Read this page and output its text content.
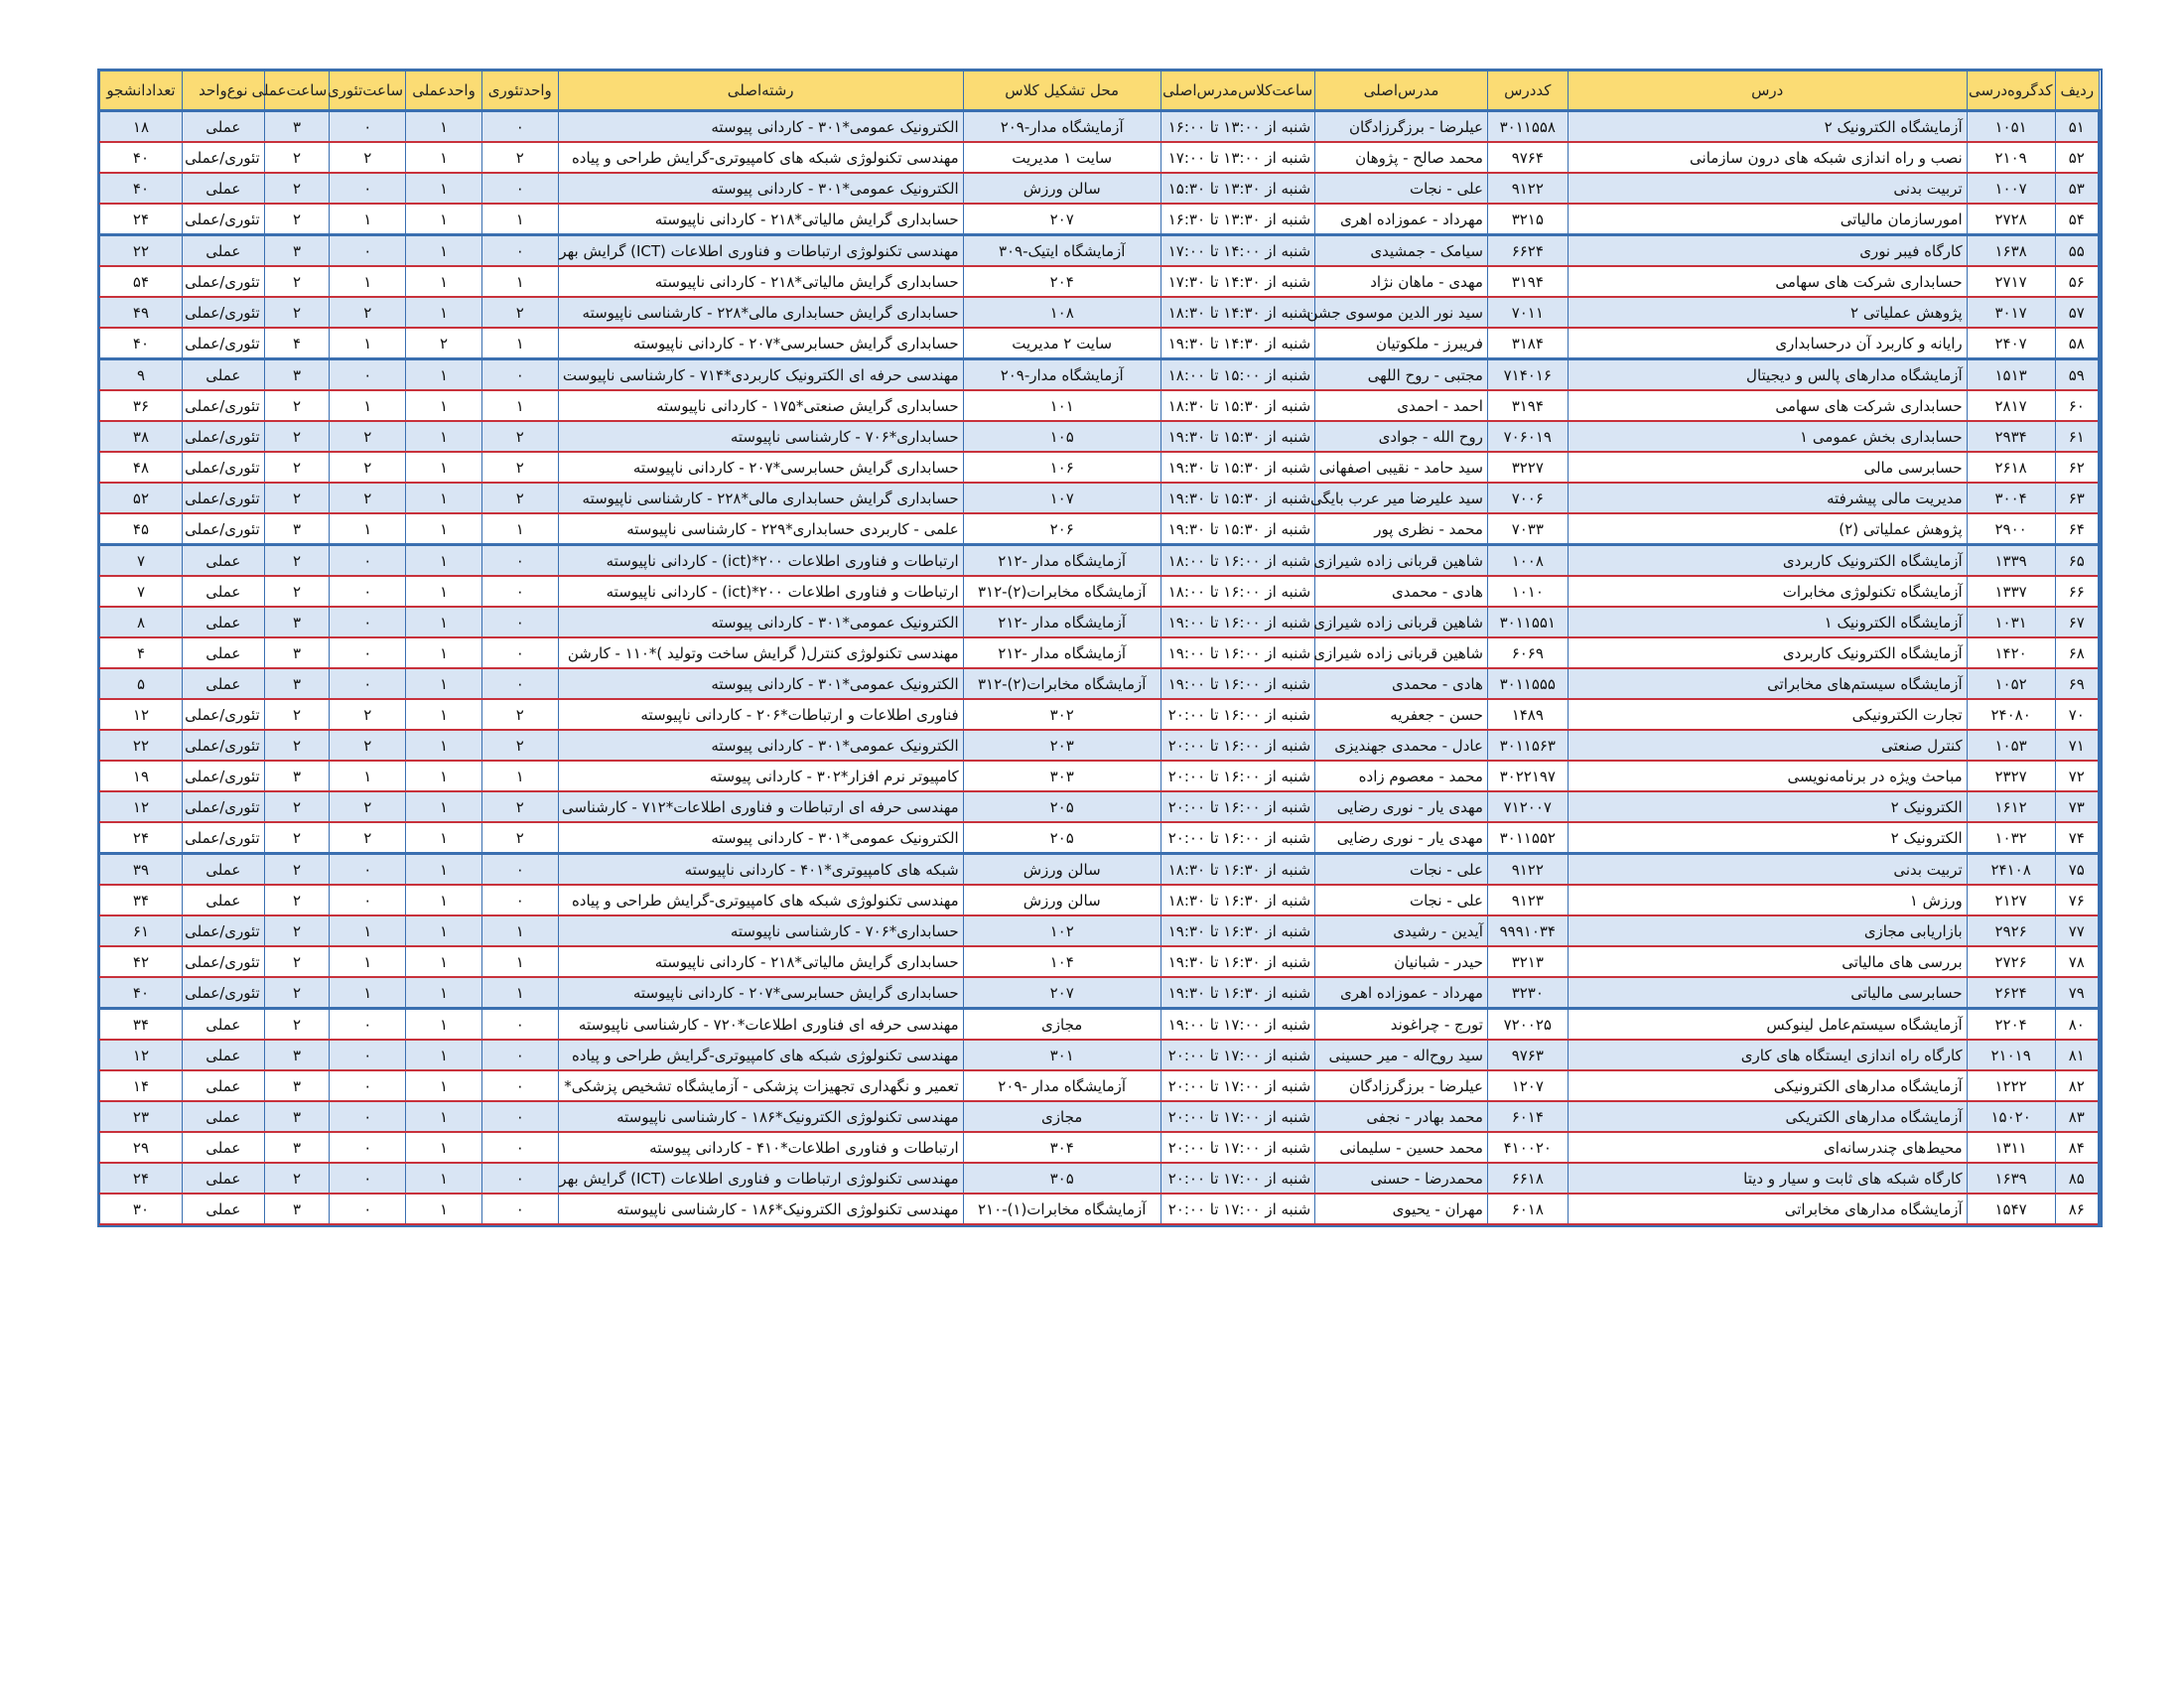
ردیف	کدگروه‌درسی	درس	کددرس	مدرس‌اصلی	ساعت‌کلاس‌مدرس‌اصلی	محل تشکیل کلاس	رشته‌اصلی	واحدتئوری	واحدعملی	ساعت‌تئوری	ساعت‌عملی	نوع‌واحد	تعدادانشجو
۵۱	۱۰۵۱	آزمایشگاه الکترونیک ۲	۳۰۱۱۵۵۸	عیلرضا - برزگرزادگان	شنبه از ۱۳:۰۰ تا ۱۶:۰۰	آزمایشگاه مدار-۲۰۹	الکترونیک عمومی*۳۰۱ - کاردانی پیوسته	۰	۱	۰	۳	عملی	۱۸
۵۲	۲۱۰۹	نصب و راه اندازی شبکه های درون سازمانی	۹۷۶۴	محمد صالح - پژوهان	شنبه از ۱۳:۰۰ تا ۱۷:۰۰	سایت ۱ مدیریت	مهندسی تکنولوژی شبکه های کامپیوتری-گرایش طراحی و پیاده	۲	۱	۲	۲	تئوری/عملی	۴۰
۵۳	۱۰۰۷	تربیت بدنی	۹۱۲۲	علی - نجات	شنبه از ۱۳:۳۰ تا ۱۵:۳۰	سالن ورزش	الکترونیک عمومی*۳۰۱ - کاردانی پیوسته	۰	۱	۰	۲	عملی	۴۰
۵۴	۲۷۲۸	امورسازمان مالیاتی	۳۲۱۵	مهرداد - عموزاده اهری	شنبه از ۱۳:۳۰ تا ۱۶:۳۰	۲۰۷	حسابداری گرایش مالیاتی*۲۱۸ - کاردانی ناپیوسته	۱	۱	۱	۲	تئوری/عملی	۲۴
۵۵	۱۶۳۸	کارگاه فیبر نوری	۶۶۲۴	سیامک - جمشیدی	شنبه از ۱۴:۰۰ تا ۱۷:۰۰	آزمایشگاه ایتیک-۳۰۹	مهندسی تکنولوژی ارتباطات و فناوری اطلاعات (ICT) گرایش بهر	۰	۱	۰	۳	عملی	۲۲
۵۶	۲۷۱۷	حسابداری شرکت های سهامی	۳۱۹۴	مهدی - ماهان نژاد	شنبه از ۱۴:۳۰ تا ۱۷:۳۰	۲۰۴	حسابداری گرایش مالیاتی*۲۱۸ - کاردانی ناپیوسته	۱	۱	۱	۲	تئوری/عملی	۵۴
۵۷	۳۰۱۷	پژوهش عملیاتی ۲	۷۰۱۱	سید نور الدین موسوی جشن	شنبه از ۱۴:۳۰ تا ۱۸:۳۰	۱۰۸	حسابداری گرایش حسابداری مالی*۲۲۸ - کارشناسی ناپیوسته	۲	۱	۲	۲	تئوری/عملی	۴۹
۵۸	۲۴۰۷	رایانه و کاربرد آن درحسابداری	۳۱۸۴	فریبرز - ملکوتیان	شنبه از ۱۴:۳۰ تا ۱۹:۳۰	سایت ۲ مدیریت	حسابداری گرایش حسابرسی*۲۰۷ - کاردانی ناپیوسته	۱	۲	۱	۴	تئوری/عملی	۴۰
۵۹	۱۵۱۳	آزمایشگاه مدارهای پالس و دیجیتال	۷۱۴۰۱۶	مجتبی - روح اللهی	شنبه از ۱۵:۰۰ تا ۱۸:۰۰	آزمایشگاه مدار-۲۰۹	مهندسی حرفه ای الکترونیک کاربردی*۷۱۴ - کارشناسی ناپیوست	۰	۱	۰	۳	عملی	۹
۶۰	۲۸۱۷	حسابداری شرکت های سهامی	۳۱۹۴	احمد - احمدی	شنبه از ۱۵:۳۰ تا ۱۸:۳۰	۱۰۱	حسابداری گرایش صنعتی*۱۷۵ - کاردانی ناپیوسته	۱	۱	۱	۲	تئوری/عملی	۳۶
۶۱	۲۹۳۴	حسابداری بخش عمومی ۱	۷۰۶۰۱۹	روح الله - جوادی	شنبه از ۱۵:۳۰ تا ۱۹:۳۰	۱۰۵	حسابداری*۷۰۶ - کارشناسی ناپیوسته	۲	۱	۲	۲	تئوری/عملی	۳۸
۶۲	۲۶۱۸	حسابرسی مالی	۳۲۲۷	سید حامد - نقیبی اصفهانی	شنبه از ۱۵:۳۰ تا ۱۹:۳۰	۱۰۶	حسابداری گرایش حسابرسی*۲۰۷ - کاردانی ناپیوسته	۲	۱	۲	۲	تئوری/عملی	۴۸
۶۳	۳۰۰۴	مدیریت مالی پیشرفته	۷۰۰۶	سید علیرضا میر عرب بایگی	شنبه از ۱۵:۳۰ تا ۱۹:۳۰	۱۰۷	حسابداری گرایش حسابداری مالی*۲۲۸ - کارشناسی ناپیوسته	۲	۱	۲	۲	تئوری/عملی	۵۲
۶۴	۲۹۰۰	پژوهش عملیاتی (۲)	۷۰۳۳	محمد - نظری پور	شنبه از ۱۵:۳۰ تا ۱۹:۳۰	۲۰۶	علمی - کاربردی حسابداری*۲۲۹ - کارشناسی ناپیوسته	۱	۱	۱	۳	تئوری/عملی	۴۵
۶۵	۱۳۳۹	آزمایشگاه الکترونیک کاربردی	۱۰۰۸	شاهین قربانی زاده شیرازی	شنبه از ۱۶:۰۰ تا ۱۸:۰۰	آزمایشگاه مدار -۲۱۲	ارتباطات و فناوری اطلاعات ۲۰۰*(ict) - کاردانی ناپیوسته	۰	۱	۰	۲	عملی	۷
۶۶	۱۳۳۷	آزمایشگاه تکنولوژی مخابرات	۱۰۱۰	هادی - محمدی	شنبه از ۱۶:۰۰ تا ۱۸:۰۰	آزمایشگاه مخابرات(۲)-۳۱۲	ارتباطات و فناوری اطلاعات ۲۰۰*(ict) - کاردانی ناپیوسته	۰	۱	۰	۲	عملی	۷
۶۷	۱۰۳۱	آزمایشگاه الکترونیک ۱	۳۰۱۱۵۵۱	شاهین قربانی زاده شیرازی	شنبه از ۱۶:۰۰ تا ۱۹:۰۰	آزمایشگاه مدار -۲۱۲	الکترونیک عمومی*۳۰۱ - کاردانی پیوسته	۰	۱	۰	۳	عملی	۸
۶۸	۱۴۲۰	آزمایشگاه الکترونیک کاربردی	۶۰۶۹	شاهین قربانی زاده شیرازی	شنبه از ۱۶:۰۰ تا ۱۹:۰۰	آزمایشگاه مدار -۲۱۲	مهندسی تکنولوژی کنترل( گرایش ساخت وتولید )*۱۱۰ - کارشن	۰	۱	۰	۳	عملی	۴
۶۹	۱۰۵۲	آزمایشگاه سیستم‌های مخابراتی	۳۰۱۱۵۵۵	هادی - محمدی	شنبه از ۱۶:۰۰ تا ۱۹:۰۰	آزمایشگاه مخابرات(۲)-۳۱۲	الکترونیک عمومی*۳۰۱ - کاردانی پیوسته	۰	۱	۰	۳	عملی	۵
۷۰	۲۴۰۸۰	تجارت الکترونیکی	۱۴۸۹	حسن - جعفریه	شنبه از ۱۶:۰۰ تا ۲۰:۰۰	۳۰۲	فناوری اطلاعات و ارتباطات*۲۰۶ - کاردانی ناپیوسته	۲	۱	۲	۲	تئوری/عملی	۱۲
۷۱	۱۰۵۳	کنترل صنعتی	۳۰۱۱۵۶۳	عادل - محمدی جهندیزی	شنبه از ۱۶:۰۰ تا ۲۰:۰۰	۲۰۳	الکترونیک عمومی*۳۰۱ - کاردانی پیوسته	۲	۱	۲	۲	تئوری/عملی	۲۲
۷۲	۲۳۲۷	مباحث ویژه در برنامه‌نویسی	۳۰۲۲۱۹۷	محمد - معصوم زاده	شنبه از ۱۶:۰۰ تا ۲۰:۰۰	۳۰۳	کامپیوتر نرم افزار*۳۰۲ - کاردانی پیوسته	۱	۱	۱	۳	تئوری/عملی	۱۹
۷۳	۱۶۱۲	الکترونیک ۲	۷۱۲۰۰۷	مهدی یار - نوری رضایی	شنبه از ۱۶:۰۰ تا ۲۰:۰۰	۲۰۵	مهندسی حرفه ای ارتباطات و فناوری اطلاعات*۷۱۲ - کارشناسی	۲	۱	۲	۲	تئوری/عملی	۱۲
۷۴	۱۰۳۲	الکترونیک ۲	۳۰۱۱۵۵۲	مهدی یار - نوری رضایی	شنبه از ۱۶:۰۰ تا ۲۰:۰۰	۲۰۵	الکترونیک عمومی*۳۰۱ - کاردانی پیوسته	۲	۱	۲	۲	تئوری/عملی	۲۴
۷۵	۲۴۱۰۸	تربیت بدنی	۹۱۲۲	علی - نجات	شنبه از ۱۶:۳۰ تا ۱۸:۳۰	سالن ورزش	شبکه های کامپیوتری*۴۰۱ - کاردانی ناپیوسته	۰	۱	۰	۲	عملی	۳۹
۷۶	۲۱۲۷	ورزش ۱	۹۱۲۳	علی - نجات	شنبه از ۱۶:۳۰ تا ۱۸:۳۰	سالن ورزش	مهندسی تکنولوژی شبکه های کامپیوتری-گرایش طراحی و پیاده	۰	۱	۰	۲	عملی	۳۴
۷۷	۲۹۲۶	بازاریابی مجازی	۹۹۹۱۰۳۴	آیدین - رشیدی	شنبه از ۱۶:۳۰ تا ۱۹:۳۰	۱۰۲	حسابداری*۷۰۶ - کارشناسی ناپیوسته	۱	۱	۱	۲	تئوری/عملی	۶۱
۷۸	۲۷۲۶	بررسی های مالیاتی	۳۲۱۳	حیدر - شبانیان	شنبه از ۱۶:۳۰ تا ۱۹:۳۰	۱۰۴	حسابداری گرایش مالیاتی*۲۱۸ - کاردانی ناپیوسته	۱	۱	۱	۲	تئوری/عملی	۴۲
۷۹	۲۶۲۴	حسابرسی مالیاتی	۳۲۳۰	مهرداد - عموزاده اهری	شنبه از ۱۶:۳۰ تا ۱۹:۳۰	۲۰۷	حسابداری گرایش حسابرسی*۲۰۷ - کاردانی ناپیوسته	۱	۱	۱	۲	تئوری/عملی	۴۰
۸۰	۲۲۰۴	آزمایشگاه سیستم‌عامل لینوکس	۷۲۰۰۲۵	تورج - چراغوند	شنبه از ۱۷:۰۰ تا ۱۹:۰۰	مجازی	مهندسی حرفه ای فناوری اطلاعات*۷۲۰ - کارشناسی ناپیوسته	۰	۱	۰	۲	عملی	۳۴
۸۱	۲۱۰۱۹	کارگاه راه اندازی ایستگاه های کاری	۹۷۶۳	سید روح‌اله - میر حسینی	شنبه از ۱۷:۰۰ تا ۲۰:۰۰	۳۰۱	مهندسی تکنولوژی شبکه های کامپیوتری-گرایش طراحی و پیاده	۰	۱	۰	۳	عملی	۱۲
۸۲	۱۲۲۲	آزمایشگاه مدارهای الکترونیکی	۱۲۰۷	عیلرضا - برزگرزادگان	شنبه از ۱۷:۰۰ تا ۲۰:۰۰	آزمایشگاه مدار -۲۰۹	تعمیر و نگهداری تجهیزات پزشکی - آزمایشگاه تشخیص پزشکی*	۰	۱	۰	۳	عملی	۱۴
۸۳	۱۵۰۲۰	آزمایشگاه مدارهای الکتریکی	۶۰۱۴	محمد بهادر - نجفی	شنبه از ۱۷:۰۰ تا ۲۰:۰۰	مجازی	مهندسی تکنولوژی الکترونیک*۱۸۶ - کارشناسی ناپیوسته	۰	۱	۰	۳	عملی	۲۳
۸۴	۱۳۱۱	محیط‌های چندرسانه‌ای	۴۱۰۰۲۰	محمد حسین - سلیمانی	شنبه از ۱۷:۰۰ تا ۲۰:۰۰	۳۰۴	ارتباطات و فناوری اطلاعات*۴۱۰ - کاردانی پیوسته	۰	۱	۰	۳	عملی	۲۹
۸۵	۱۶۳۹	کارگاه شبکه های ثابت و سیار و دیتا	۶۶۱۸	محمدرضا - حسنی	شنبه از ۱۷:۰۰ تا ۲۰:۰۰	۳۰۵	مهندسی تکنولوژی ارتباطات و فناوری اطلاعات (ICT) گرایش بهر	۰	۱	۰	۲	عملی	۲۴
۸۶	۱۵۴۷	آزمایشگاه مدارهای مخابراتی	۶۰۱۸	مهران - یحیوی	شنبه از ۱۷:۰۰ تا ۲۰:۰۰	آزمایشگاه مخابرات(۱)-۲۱۰	مهندسی تکنولوژی الکترونیک*۱۸۶ - کارشناسی ناپیوسته	۰	۱	۰	۳	عملی	۳۰
